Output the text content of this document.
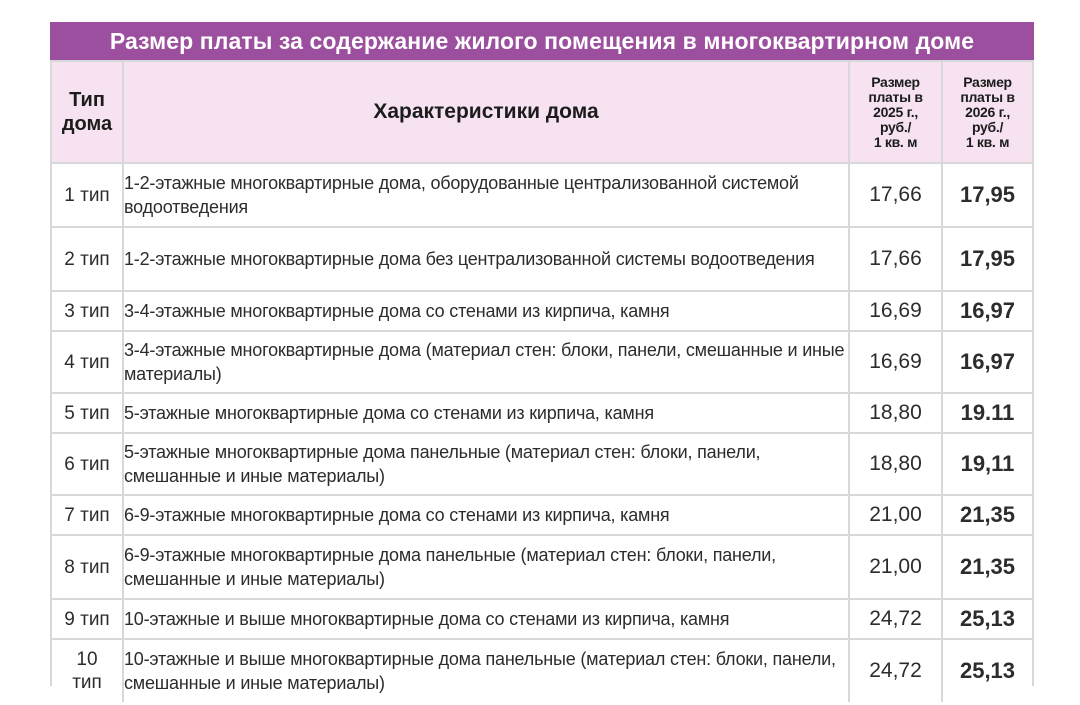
Размер платы за содержание жилого помещения в многоквартирном доме
Тип
дома	Характеристики дома	Размер
платы в
2025 г.,
руб./
1 кв. м	Размер
платы в
2026 г.,
руб./
1 кв. м
1 тип	1-2-этажные многоквартирные дома, оборудованные централизованной системой водоотведения	17,66	17,95
2 тип	1-2-этажные многоквартирные дома без централизованной системы водоотведения	17,66	17,95
3 тип	3-4-этажные многоквартирные дома со стенами из кирпича, камня	16,69	16,97
4 тип	3-4-этажные многоквартирные дома (материал стен: блоки, панели, смешанные и иные материалы)	16,69	16,97
5 тип	5-этажные многоквартирные дома со стенами из кирпича, камня	18,80	19.11
6 тип	5-этажные многоквартирные дома панельные (материал стен: блоки, панели, смешанные и иные материалы)	18,80	19,11
7 тип	6-9-этажные многоквартирные дома со стенами из кирпича, камня	21,00	21,35
8 тип	6-9-этажные многоквартирные дома панельные (материал стен: блоки, панели, смешанные и иные материалы)	21,00	21,35
9 тип	10-этажные и выше многоквартирные дома со стенами из кирпича, камня	24,72	25,13
10
тип	10-этажные и выше многоквартирные дома панельные (материал стен: блоки, панели, смешанные и иные материалы)	24,72	25,13
